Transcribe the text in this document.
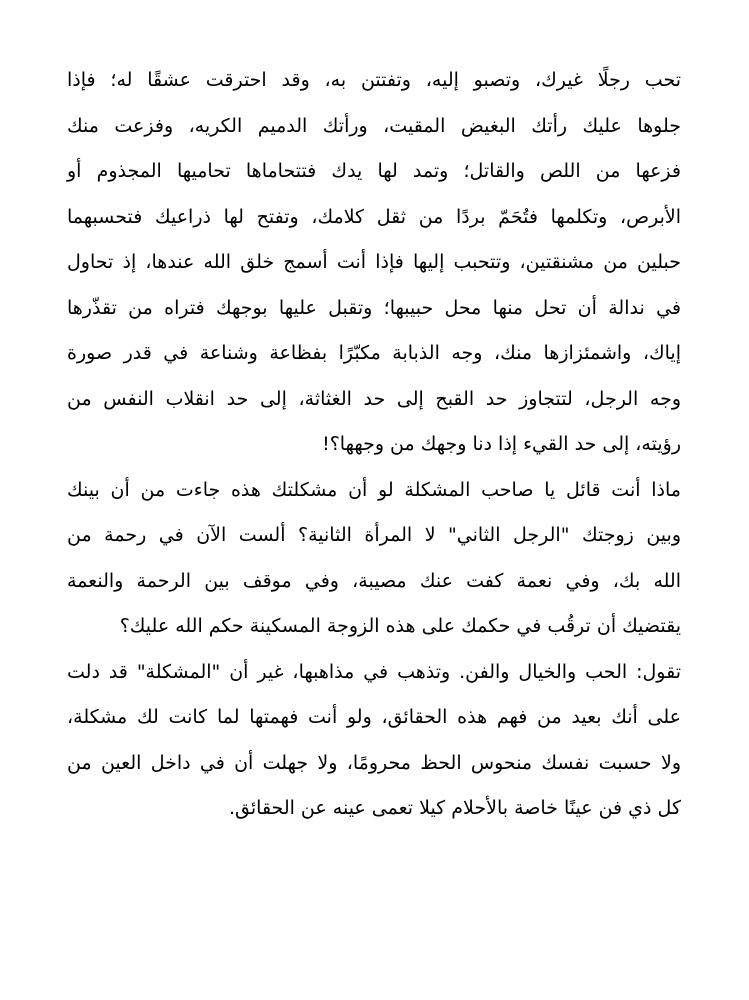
تحب رجلًا غيرك، وتصبو إليه، وتفتتن به، وقد احترقت عشقًا له؛ فإذا
جلوها عليك رأتك البغيض المقيت، ورأتك الدميم الكريه، وفزعت منك
فزعها من اللص والقاتل؛ وتمد لها يدك فتتحاماها تحاميها المجذوم أو
الأبرص، وتكلمها فتُحَمّ بردًا من ثقل كلامك، وتفتح لها ذراعيك فتحسبهما
حبلين من مشنقتين، وتتحبب إليها فإذا أنت أسمج خلق الله عندها، إذ تحاول
في ندالة أن تحل منها محل حبيبها؛ وتقبل عليها بوجهك فتراه من تقذّرها
إياك، واشمئزازها منك، وجه الذبابة مكبّرًا بفظاعة وشناعة في قدر صورة
وجه الرجل، لتتجاوز حد القبح إلى حد الغثاثة، إلى حد انقلاب النفس من
رؤيته، إلى حد القيء إذا دنا وجهك من وجهها؟!
ماذا أنت قائل يا صاحب المشكلة لو أن مشكلتك هذه جاءت من أن بينك
وبين زوجتك "الرجل الثاني" لا المرأة الثانية؟ ألست الآن في رحمة من
الله بك، وفي نعمة كفت عنك مصيبة، وفي موقف بين الرحمة والنعمة
يقتضيك أن ترقُب في حكمك على هذه الزوجة المسكينة حكم الله عليك؟
تقول: الحب والخيال والفن. وتذهب في مذاهبها، غير أن "المشكلة" قد دلت
على أنك بعيد من فهم هذه الحقائق، ولو أنت فهمتها لما كانت لك مشكلة،
ولا حسبت نفسك منحوس الحظ محرومًا، ولا جهلت أن في داخل العين من
كل ذي فن عينًا خاصة بالأحلام كيلا تعمى عينه عن الحقائق.
